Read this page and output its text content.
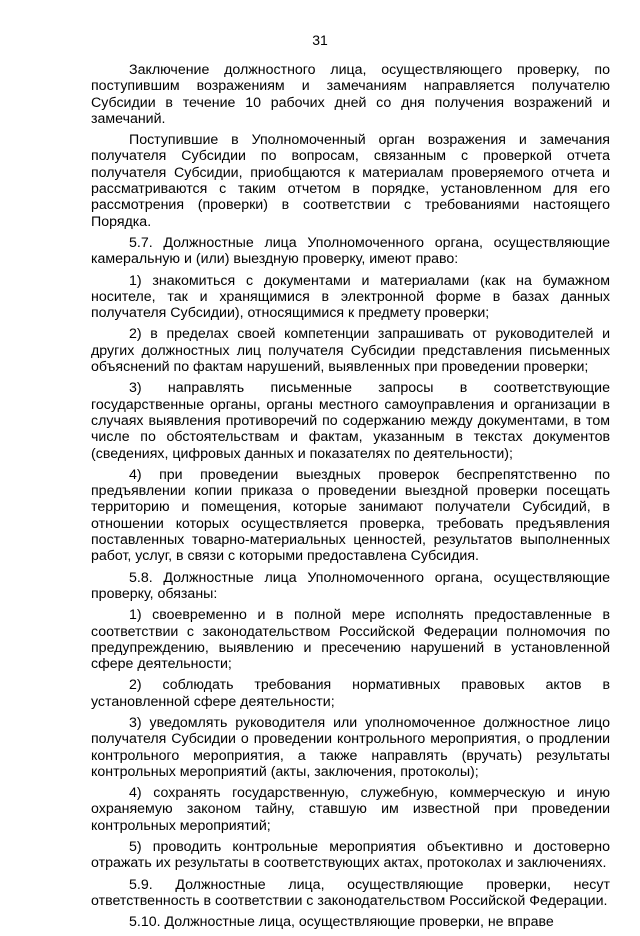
31

Заключение должностного лица, осуществляющего проверку, по поступившим возражениям и замечаниям направляется получателю Субсидии в течение 10 рабочих дней со дня получения возражений и замечаний.

Поступившие в Уполномоченный орган возражения и замечания получателя Субсидии по вопросам, связанным с проверкой отчета получателя Субсидии, приобщаются к материалам проверяемого отчета и рассматриваются с таким отчетом в порядке, установленном для его рассмотрения (проверки) в соответствии с требованиями настоящего Порядка.

5.7. Должностные лица Уполномоченного органа, осуществляющие камеральную и (или) выездную проверку, имеют право:

1) знакомиться с документами и материалами (как на бумажном носителе, так и хранящимися в электронной форме в базах данных получателя Субсидии), относящимися к предмету проверки;

2) в пределах своей компетенции запрашивать от руководителей и других должностных лиц получателя Субсидии представления письменных объяснений по фактам нарушений, выявленных при проведении проверки;

3) направлять письменные запросы в соответствующие государственные органы, органы местного самоуправления и организации в случаях выявления противоречий по содержанию между документами, в том числе по обстоятельствам и фактам, указанным в текстах документов (сведениях, цифровых данных и показателях по деятельности);

4) при проведении выездных проверок беспрепятственно по предъявлении копии приказа о проведении выездной проверки посещать территорию и помещения, которые занимают получатели Субсидий, в отношении которых осуществляется проверка, требовать предъявления поставленных товарно-материальных ценностей, результатов выполненных работ, услуг, в связи с которыми предоставлена Субсидия.

5.8. Должностные лица Уполномоченного органа, осуществляющие проверку, обязаны:

1) своевременно и в полной мере исполнять предоставленные в соответствии с законодательством Российской Федерации полномочия по предупреждению, выявлению и пресечению нарушений в установленной сфере деятельности;

2) соблюдать требования нормативных правовых актов в установленной сфере деятельности;

3) уведомлять руководителя или уполномоченное должностное лицо получателя Субсидии о проведении контрольного мероприятия, о продлении контрольного мероприятия, а также направлять (вручать) результаты контрольных мероприятий (акты, заключения, протоколы);

4) сохранять государственную, служебную, коммерческую и иную охраняемую законом тайну, ставшую им известной при проведении контрольных мероприятий;

5) проводить контрольные мероприятия объективно и достоверно отражать их результаты в соответствующих актах, протоколах и заключениях.

5.9. Должностные лица, осуществляющие проверки, несут ответственность в соответствии с законодательством Российской Федерации.

5.10. Должностные лица, осуществляющие проверки, не вправе
